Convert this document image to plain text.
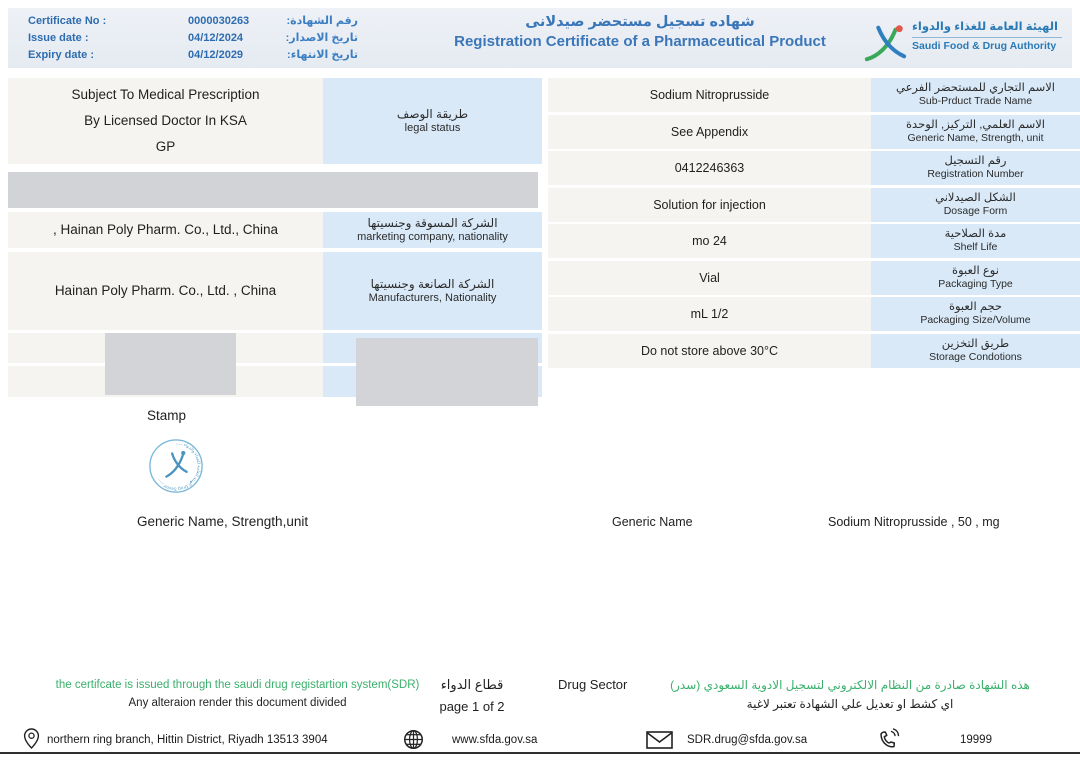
Certificate No :	0000030263	رقم الشهادة:
Issue date :	04/12/2024	تاريخ الاصدار:
Expiry date :	04/12/2029	تاريخ الانتهاء:
شهاده تسجيل مستحضر صيدلانى
Registration Certificate of a Pharmaceutical Product
الهيئة العامة للغذاء والدواء
Saudi Food & Drug Authority
Subject To Medical Prescription
By Licensed Doctor In KSA
GP
طريقة الوصف
legal status
, Hainan Poly Pharm. Co., Ltd., China	الشركة المسوقة وجنسيتها
marketing company, nationality
Hainan Poly Pharm. Co., Ltd. , China	الشركة الصانعة وجنسيتها
Manufacturers, Nationality
Sodium Nitroprusside	الاسم التجاري للمستحضر الفرعي
Sub-Prduct Trade Name
See Appendix	الاسم العلمي, التركيز, الوحدة
Generic Name, Strength, unit
0412246363	رقم التسجيل
Registration Number
Solution for injection	الشكل الصيدلاني
Dosage Form
mo 24	مدة الصلاحية
Shelf Life
Vial	نوع العبوة
Packaging Type
mL 1/2	حجم العبوة
Packaging Size/Volume
Do not store above 30°C	طريق التخزين
Storage Condotions
Stamp
الهيئة العامة للغذاء والدواء ـ ـ ـ Drug Sector ـ ـ ـ
Generic Name, Strength,unit	Generic Name	Sodium Nitroprusside , 50 , mg
the certifcate is issued through the saudi drug registartion system(SDR)
Any alteraion render this document divided
قطاع الدواء
page 1 of 2
Drug Sector	هذه الشهادة صادرة من النظام الالكتروني لتسجيل الادوية السعودي (سدر)
اي كشط او تعديل علي الشهادة تعتبر لاغية
northern ring branch, Hittin District, Riyadh 13513 3904	www.sfda.gov.sa	SDR.drug@sfda.gov.sa	19999
